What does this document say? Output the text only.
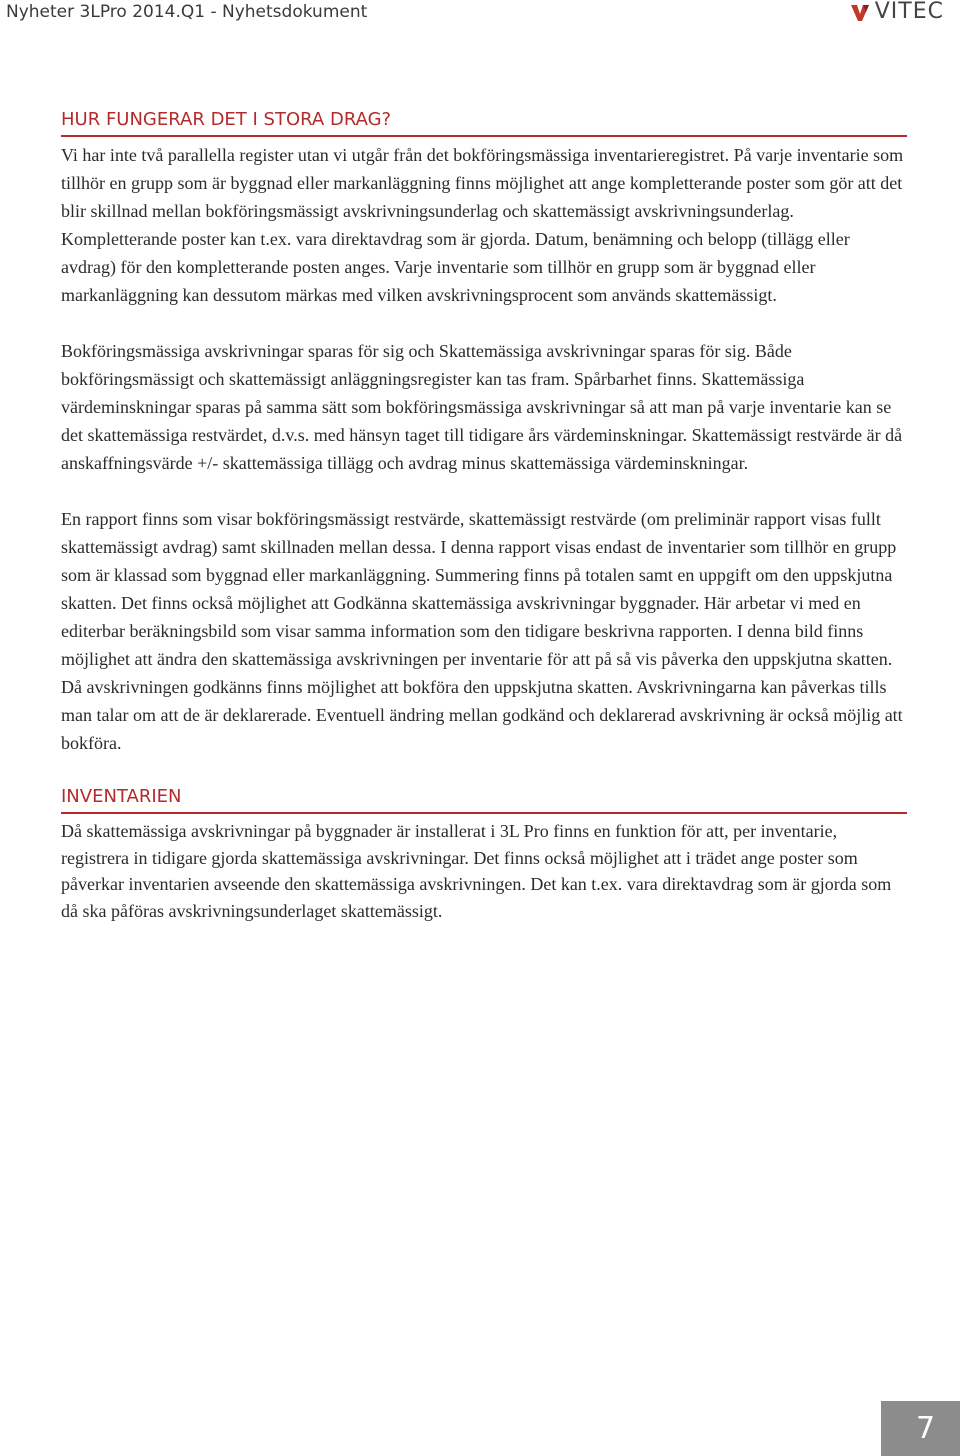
Nyheter 3LPro 2014.Q1 - Nyhetsdokument	VITEC
HUR FUNGERAR DET I STORA DRAG?

Vi har inte två parallella register utan vi utgår från det bokföringsmässiga inventarieregistret. På varje inventarie som tillhör en grupp som är byggnad eller markanläggning finns möjlighet att ange kompletterande poster som gör att det blir skillnad mellan bokföringsmässigt avskrivningsunderlag och skattemässigt avskrivningsunderlag. Kompletterande poster kan t.ex. vara direktavdrag som är gjorda. Datum, benämning och belopp (tillägg eller avdrag) för den kompletterande posten anges. Varje inventarie som tillhör en grupp som är byggnad eller markanläggning kan dessutom märkas med vilken avskrivningsprocent som används skattemässigt.

Bokföringsmässiga avskrivningar sparas för sig och Skattemässiga avskrivningar sparas för sig. Både bokföringsmässigt och skattemässigt anläggningsregister kan tas fram. Spårbarhet finns. Skattemässiga värdeminskningar sparas på samma sätt som bokföringsmässiga avskrivningar så att man på varje inventarie kan se det skattemässiga restvärdet, d.v.s. med hänsyn taget till tidigare års värdeminskningar. Skattemässigt restvärde är då anskaffningsvärde +/- skattemässiga tillägg och avdrag minus skattemässiga värdeminskningar.

En rapport finns som visar bokföringsmässigt restvärde, skattemässigt restvärde (om preliminär rapport visas fullt skattemässigt avdrag) samt skillnaden mellan dessa. I denna rapport visas endast de inventarier som tillhör en grupp som är klassad som byggnad eller markanläggning. Summering finns på totalen samt en uppgift om den uppskjutna skatten. Det finns också möjlighet att Godkänna skattemässiga avskrivningar byggnader. Här arbetar vi med en editerbar beräkningsbild som visar samma information som den tidigare beskrivna rapporten. I denna bild finns möjlighet att ändra den skattemässiga avskrivningen per inventarie för att på så vis påverka den uppskjutna skatten. Då avskrivningen godkänns finns möjlighet att bokföra den uppskjutna skatten. Avskrivningarna kan påverkas tills man talar om att de är deklarerade. Eventuell ändring mellan godkänd och deklarerad avskrivning är också möjlig att bokföra.

INVENTARIEN

Då skattemässiga avskrivningar på byggnader är installerat i 3L Pro finns en funktion för att, per inventarie, registrera in tidigare gjorda skattemässiga avskrivningar. Det finns också möjlighet att i trädet ange poster som påverkar inventarien avseende den skattemässiga avskrivningen. Det kan t.ex. vara direktavdrag som är gjorda som då ska påföras avskrivningsunderlaget skattemässigt.

7
